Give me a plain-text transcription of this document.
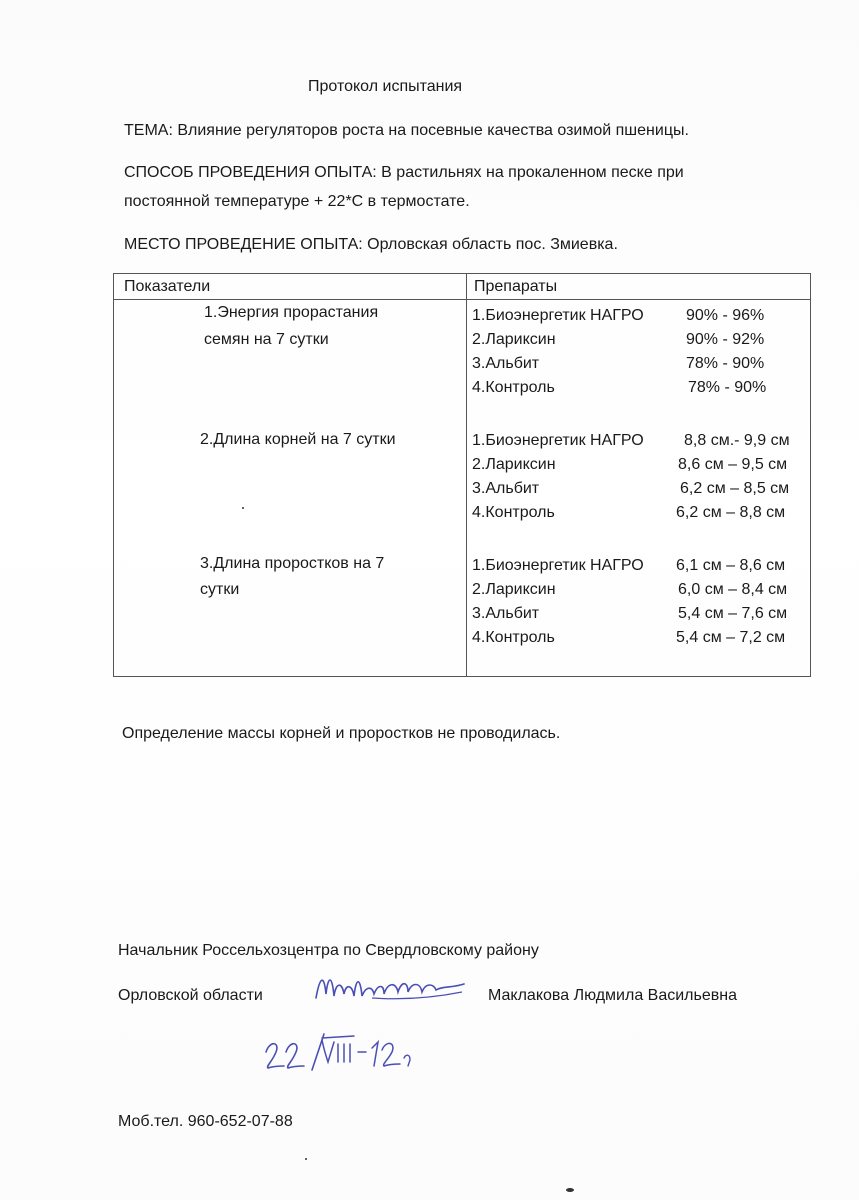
Протокол испытания
ТЕМА: Влияние регуляторов роста на посевные качества озимой пшеницы.
СПОСОБ ПРОВЕДЕНИЯ ОПЫТА: В растильнях на прокаленном песке при
постоянной температуре + 22*С в термостате.
МЕСТО ПРОВЕДЕНИЕ ОПЫТА: Орловская область пос. Змиевка.
Показатели	Препараты
1.Энергия прорастания
семян на 7 сутки
1.Биоэнергетик НАГРО	90% - 96%
2.Лариксин	90% - 92%
3.Альбит	78% - 90%
4.Контроль	78% - 90%
2.Длина корней на 7 сутки	1.Биоэнергетик НАГРО	8,8 см.- 9,9 см
2.Лариксин	8,6 см – 9,5 см
3.Альбит	6,2 см – 8,5 см
4.Контроль	6,2 см – 8,8 см
3.Длина проростков на 7
сутки
1.Биоэнергетик НАГРО 6,1 см – 8,6 см
2.Лариксин	6,0 см – 8,4 см
3.Альбит	5,4 см – 7,6 см
4.Контроль	5,4 см – 7,2 см
Определение массы корней и проростков не проводилась.
Начальник Россельхозцентра по Свердловскому району
Орловской области	Маклакова Людмила Васильевна
Моб.тел. 960-652-07-88
